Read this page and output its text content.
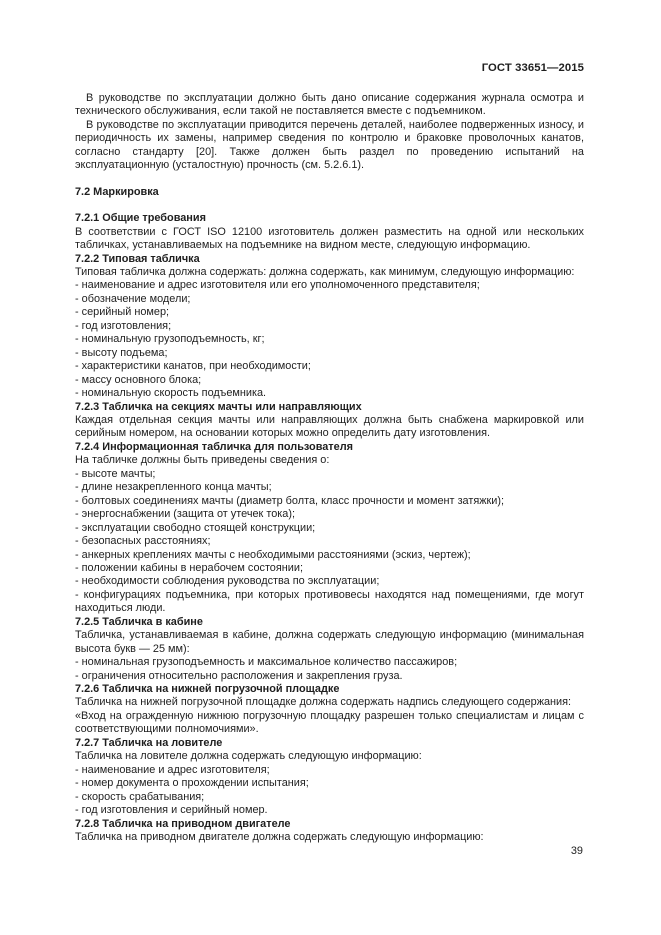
ГОСТ 33651—2015

В руководстве по эксплуатации должно быть дано описание содержания журнала осмотра и технического обслуживания, если такой не поставляется вместе с подъемником.

В руководстве по эксплуатации приводится перечень деталей, наиболее подверженных износу, и периодичность их замены, например сведения по контролю и браковке проволочных канатов, согласно стандарту [20]. Также должен быть раздел по проведению испытаний на эксплуатационную (усталостную) прочность (см. 5.2.6.1).

7.2 Маркировка

7.2.1 Общие требования

В соответствии с ГОСТ ISO 12100 изготовитель должен разместить на одной или нескольких табличках, устанавливаемых на подъемнике на видном месте, следующую информацию.

7.2.2 Типовая табличка

Типовая табличка должна содержать: должна содержать, как минимум, следующую информацию:

- наименование и адрес изготовителя или его уполномоченного представителя;

- обозначение модели;

- серийный номер;

- год изготовления;

- номинальную грузоподъемность, кг;

- высоту подъема;

- характеристики канатов, при необходимости;

- массу основного блока;

- номинальную скорость подъемника.

7.2.3 Табличка на секциях мачты или направляющих

Каждая отдельная секция мачты или направляющих должна быть снабжена маркировкой или серийным номером, на основании которых можно определить дату изготовления.

7.2.4 Информационная табличка для пользователя

На табличке должны быть приведены сведения о:

- высоте мачты;

- длине незакрепленного конца мачты;

- болтовых соединениях мачты (диаметр болта, класс прочности и момент затяжки);

- энергоснабжении (защита от утечек тока);

- эксплуатации свободно стоящей конструкции;

- безопасных расстояниях;

- анкерных креплениях мачты с необходимыми расстояниями (эскиз, чертеж);

- положении кабины в нерабочем состоянии;

- необходимости соблюдения руководства по эксплуатации;

- конфигурациях подъемника, при которых противовесы находятся над помещениями, где могут находиться люди.

7.2.5 Табличка в кабине

Табличка, устанавливаемая в кабине, должна содержать следующую информацию (минимальная высота букв — 25 мм):

- номинальная грузоподъемность и максимальное количество пассажиров;

- ограничения относительно расположения и закрепления груза.

7.2.6 Табличка на нижней погрузочной площадке

Табличка на нижней погрузочной площадке должна содержать надпись следующего содержания:

«Вход на огражденную нижнюю погрузочную площадку разрешен только специалистам и лицам с соответствующими полномочиями».

7.2.7 Табличка на ловителе

Табличка на ловителе должна содержать следующую информацию:

- наименование и адрес изготовителя;

- номер документа о прохождении испытания;

- скорость срабатывания;

- год изготовления и серийный номер.

7.2.8 Табличка на приводном двигателе

Табличка на приводном двигателе должна содержать следующую информацию:

39
